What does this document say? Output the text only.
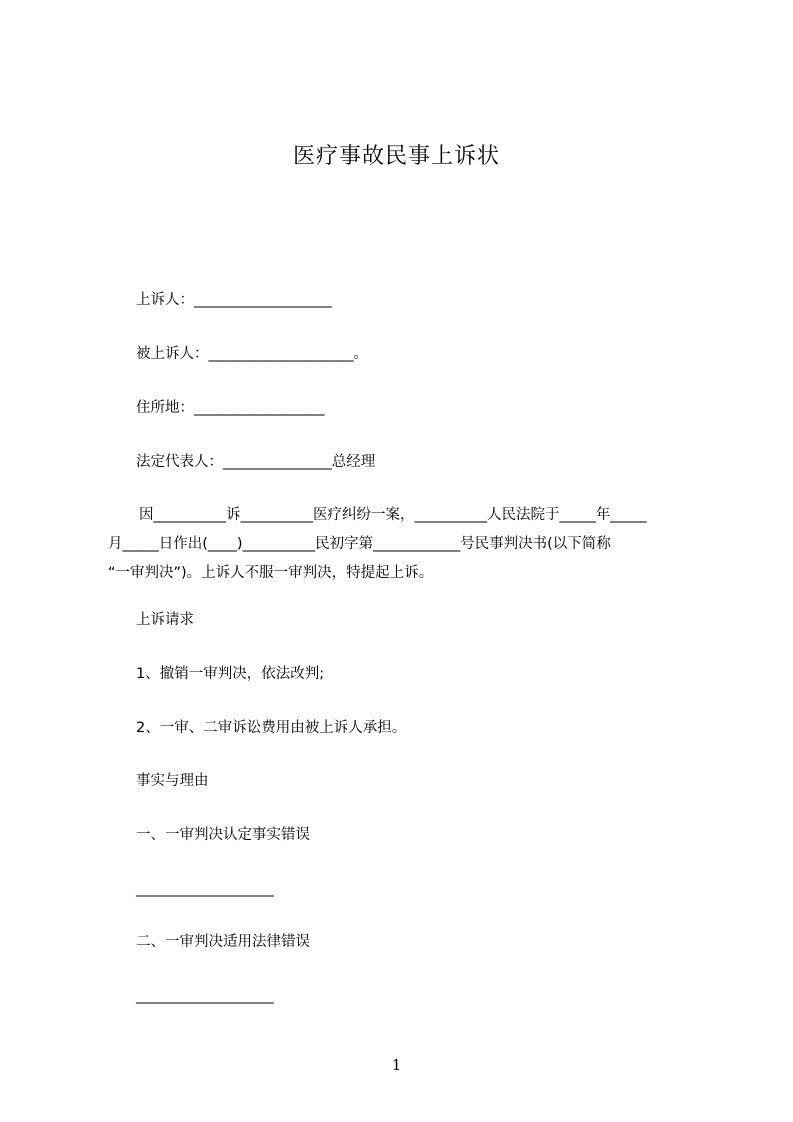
医疗事故民事上诉状
上诉人：___________________
被上诉人：____________________。
住所地：__________________
法定代表人：_______________总经理
因__________诉__________医疗纠纷一案，__________人民法院于_____年_____
月_____日作出(____)__________民初字第____________号民事判决书(以下简称
“一审判决”)。上诉人不服一审判决，特提起上诉。
上诉请求
1、撤销一审判决，依法改判;
2、一审、二审诉讼费用由被上诉人承担。
事实与理由
一、一审判决认定事实错误
___________________
二、一审判决适用法律错误
___________________
1
